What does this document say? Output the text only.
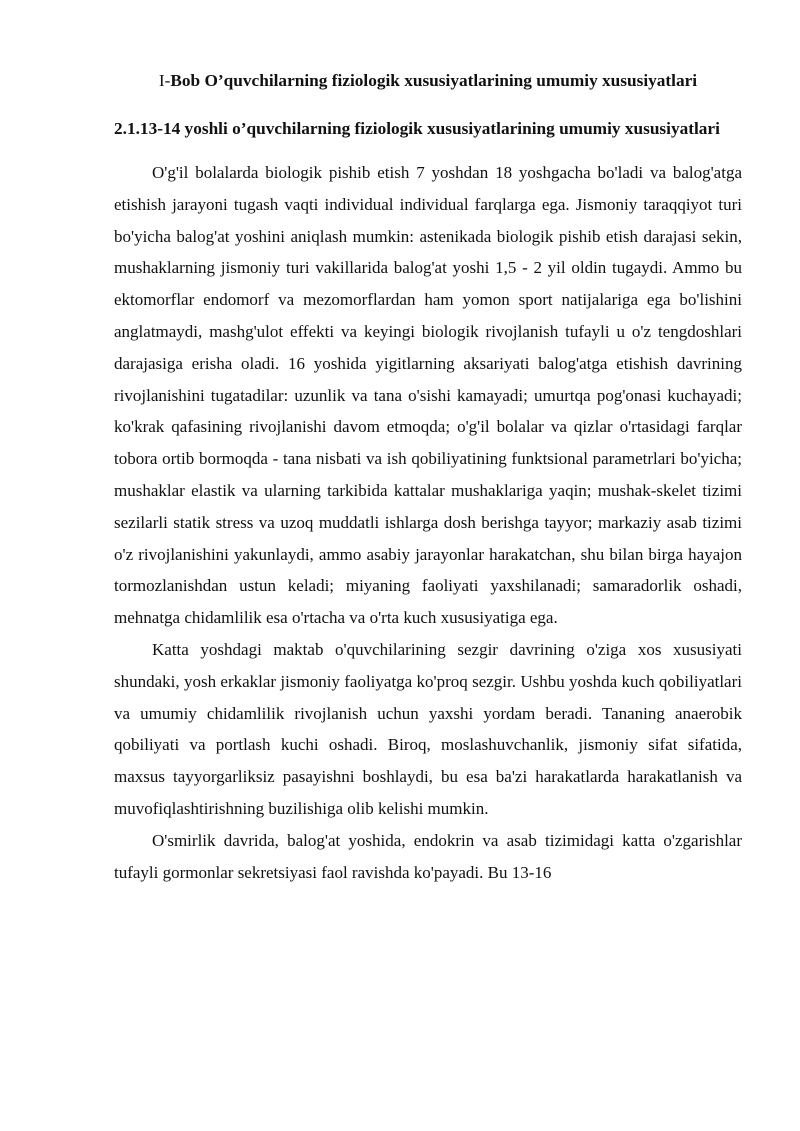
I-Bob O’quvchilarning fiziologik xususiyatlarining umumiy xususiyatlari
2.1.13-14 yoshli o’quvchilarning fiziologik xususiyatlarining umumiy xususiyatlari

O'g'il bolalarda biologik pishib etish 7 yoshdan 18 yoshgacha bo'ladi va balog'atga etishish jarayoni tugash vaqti individual individual farqlarga ega. Jismoniy taraqqiyot turi bo'yicha balog'at yoshini aniqlash mumkin: astenikada biologik pishib etish darajasi sekin, mushaklarning jismoniy turi vakillarida balog'at yoshi 1,5 - 2 yil oldin tugaydi. Ammo bu ektomorflar endomorf va mezomorflardan ham yomon sport natijalariga ega bo'lishini anglatmaydi, mashg'ulot effekti va keyingi biologik rivojlanish tufayli u o'z tengdoshlari darajasiga erisha oladi. 16 yoshida yigitlarning aksariyati balog'atga etishish davrining rivojlanishini tugatadilar: uzunlik va tana o'sishi kamayadi; umurtqa pog'onasi kuchayadi; ko'krak qafasining rivojlanishi davom etmoqda; o'g'il bolalar va qizlar o'rtasidagi farqlar tobora ortib bormoqda - tana nisbati va ish qobiliyatining funktsional parametrlari bo'yicha; mushaklar elastik va ularning tarkibida kattalar mushaklariga yaqin; mushak-skelet tizimi sezilarli statik stress va uzoq muddatli ishlarga dosh berishga tayyor; markaziy asab tizimi o'z rivojlanishini yakunlaydi, ammo asabiy jarayonlar harakatchan, shu bilan birga hayajon tormozlanishdan ustun keladi; miyaning faoliyati yaxshilanadi; samaradorlik oshadi, mehnatga chidamlilik esa o'rtacha va o'rta kuch xususiyatiga ega.

Katta yoshdagi maktab o'quvchilarining sezgir davrining o'ziga xos xususiyati shundaki, yosh erkaklar jismoniy faoliyatga ko'proq sezgir. Ushbu yoshda kuch qobiliyatlari va umumiy chidamlilik rivojlanish uchun yaxshi yordam beradi. Tananing anaerobik qobiliyati va portlash kuchi oshadi. Biroq, moslashuvchanlik, jismoniy sifat sifatida, maxsus tayyorgarliksiz pasayishni boshlaydi, bu esa ba'zi harakatlarda harakatlanish va muvofiqlashtirishning buzilishiga olib kelishi mumkin.

O'smirlik davrida, balog'at yoshida, endokrin va asab tizimidagi katta o'zgarishlar tufayli gormonlar sekretsiyasi faol ravishda ko'payadi. Bu 13-16
